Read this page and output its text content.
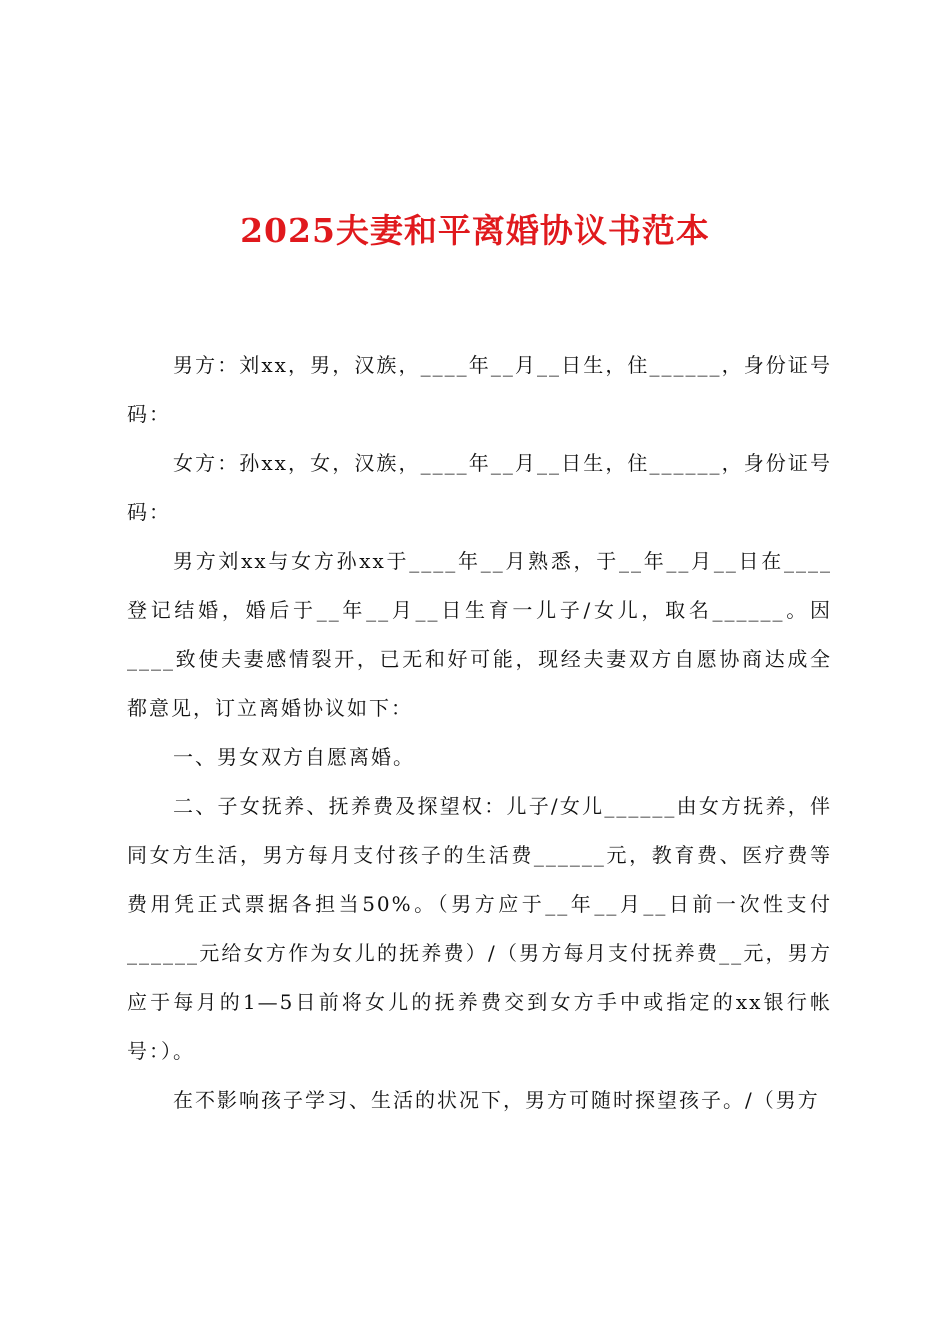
2025夫妻和平离婚协议书范本

男方：刘xx，男，汉族，____年__月__日生，住______，身份证号码：

女方：孙xx，女，汉族，____年__月__日生，住______，身份证号码：

男方刘xx与女方孙xx于____年__月熟悉，于__年__月__日在____登记结婚，婚后于__年__月__日生育一儿子/女儿，取名______。因____致使夫妻感情裂开，已无和好可能，现经夫妻双方自愿协商达成全都意见，订立离婚协议如下：

一、男女双方自愿离婚。

二、子女抚养、抚养费及探望权：儿子/女儿______由女方抚养，伴同女方生活，男方每月支付孩子的生活费______元，教育费、医疗费等费用凭正式票据各担当50%。（男方应于__年__月__日前一次性支付______元给女方作为女儿的抚养费）/（男方每月支付抚养费__元，男方应于每月的1—5日前将女儿的抚养费交到女方手中或指定的xx银行帐号：）。

在不影响孩子学习、生活的状况下，男方可随时探望孩子。/（男方
